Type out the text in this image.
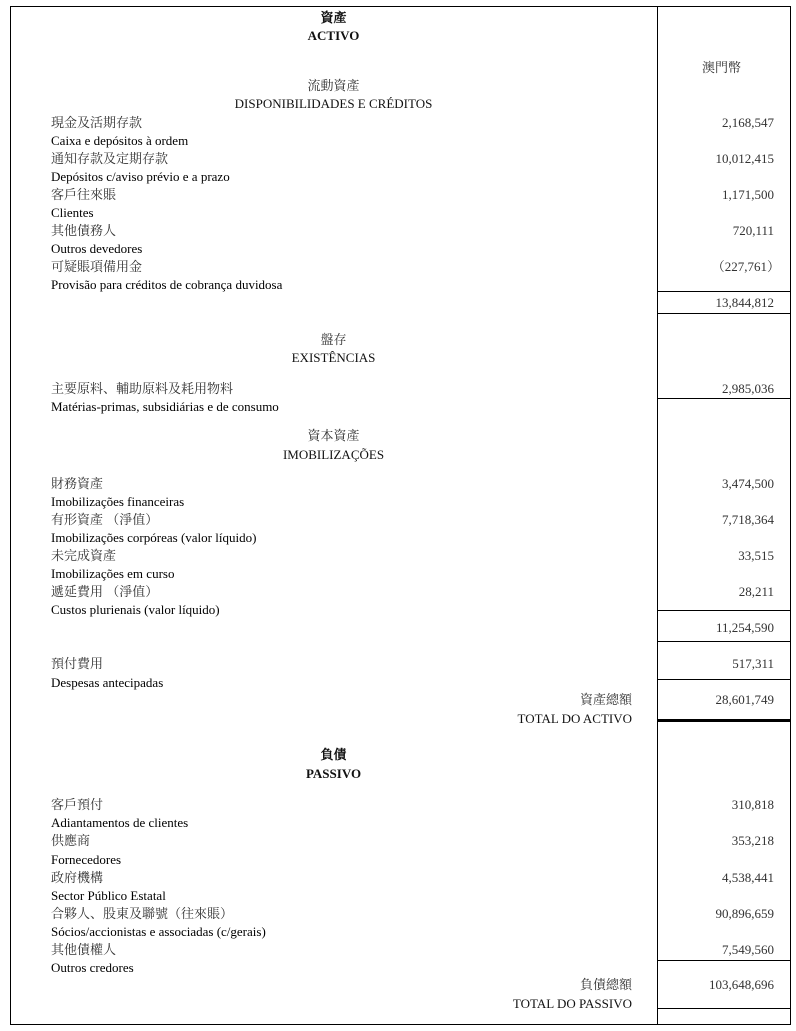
資產
ACTIVO
澳門幣
流動資產
DISPONIBILIDADES E CRÉDITOS
現金及活期存款
Caixa e depósitos à ordem
2,168,547
通知存款及定期存款
Depósitos c/aviso prévio e a prazo
10,012,415
客戶往來賬
Clientes
1,171,500
其他債務人
Outros devedores
720,111
可疑賬項備用金
Provisão para créditos de cobrança duvidosa
（227,761）
13,844,812
盤存
EXISTÊNCIAS
主要原料、輔助原料及耗用物料
Matérias-primas, subsidiárias e de consumo
2,985,036
資本資產
IMOBILIZAÇÕES
財務資產
Imobilizações financeiras
3,474,500
有形資產 （淨值）
Imobilizações corpóreas (valor líquido)
7,718,364
未完成資產
Imobilizações em curso
33,515
遞延費用 （淨值）
Custos plurienais (valor líquido)
28,211
11,254,590
預付費用
Despesas antecipadas
517,311
資產總額
TOTAL DO ACTIVO
28,601,749
負債
PASSIVO
客戶預付
Adiantamentos de clientes
310,818
供應商
Fornecedores
353,218
政府機構
Sector Público Estatal
4,538,441
合夥人、股東及聯號（往來賬）
Sócios/accionistas e associadas (c/gerais)
90,896,659
其他債權人
Outros credores
7,549,560
負債總額
TOTAL DO PASSIVO
103,648,696
